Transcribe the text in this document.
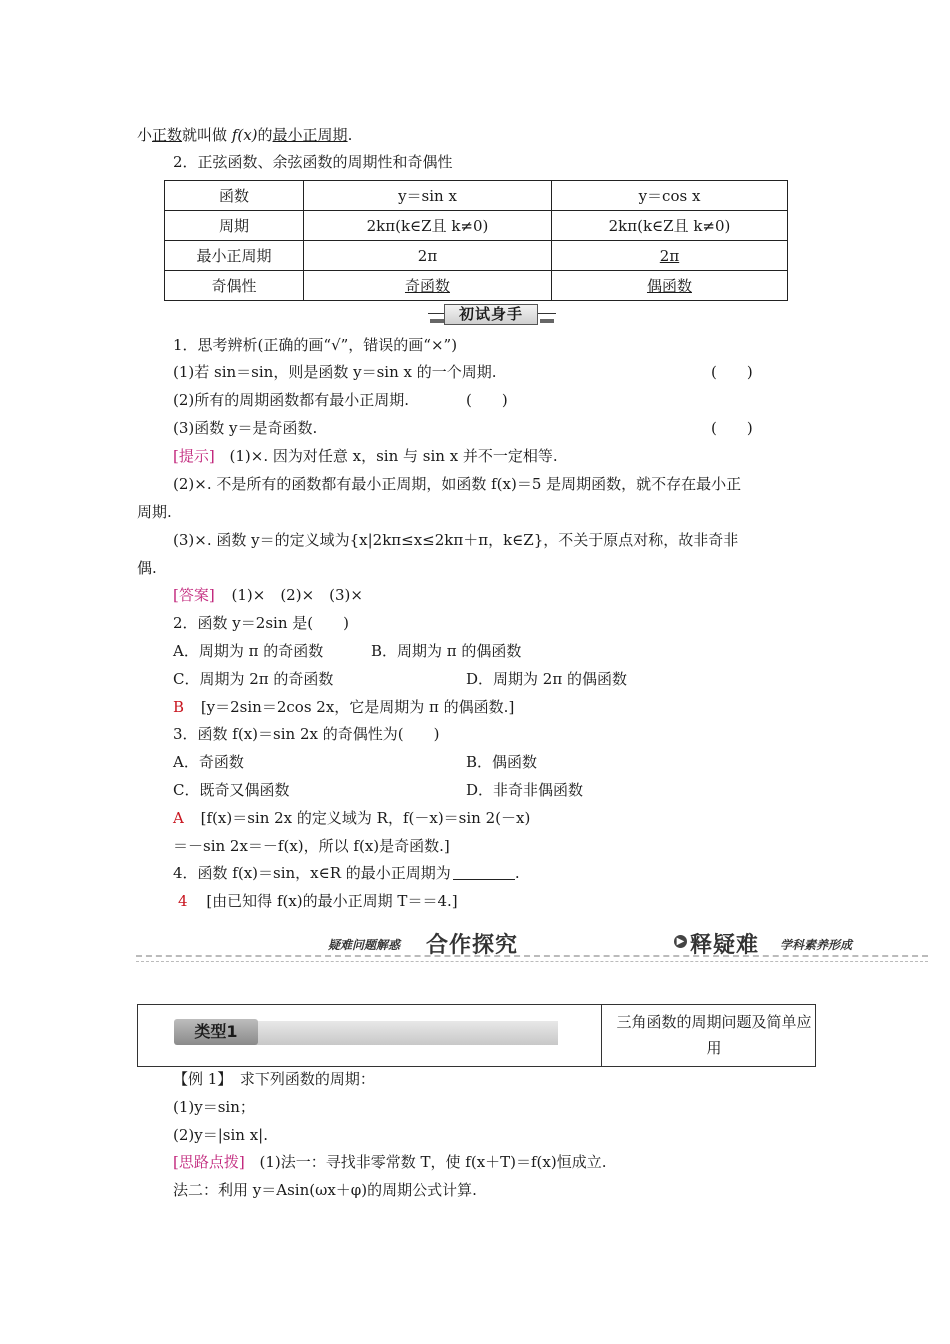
小正数就叫做 f(x)的最小正周期.
2．正弦函数、余弦函数的周期性和奇偶性
函数	y＝sin x	y＝cos x
周期	2kπ(k∈Z且 k≠0)	2kπ(k∈Z且 k≠0)
最小正周期	2π	2π
奇偶性	奇函数	偶函数
初试身手
1．思考辨析(正确的画“√”，错误的画“×”)
(1)若 sin＝sin，则是函数 y＝sin x 的一个周期.	(　　)
(2)所有的周期函数都有最小正周期.	(　　)
(3)函数 y＝是奇函数.	(　　)
[提示] (1)×. 因为对任意 x，sin 与 sin x 并不一定相等.
(2)×. 不是所有的函数都有最小正周期，如函数 f(x)＝5 是周期函数，就不存在最小正
周期.
(3)×. 函数 y＝的定义域为{x|2kπ≤x≤2kπ＋π，k∈Z}，不关于原点对称，故非奇非
偶.
[答案] (1)×　(2)×　(3)×
2．函数 y＝2sin 是(　　)
A．周期为 π 的奇函数	B．周期为 π 的偶函数
C．周期为 2π 的奇函数	D．周期为 2π 的偶函数
B [y＝2sin＝2cos 2x，它是周期为 π 的偶函数.]
3．函数 f(x)＝sin 2x 的奇偶性为(　　)
A．奇函数	B．偶函数
C．既奇又偶函数	D．非奇非偶函数
A [f(x)＝sin 2x 的定义域为 R，f(－x)＝sin 2(－x)
＝－sin 2x＝－f(x)，所以 f(x)是奇函数.]
4．函数 f(x)＝sin，x∈R 的最小正周期为	.
4 [由已知得 f(x)的最小正周期 T＝＝4.]
疑难问题解惑 合作探究	▶ 释疑难 学科素养形成
类型1	三角函数的周期问题及简单应用
【例 1】　求下列函数的周期：
(1)y＝sin；
(2)y＝|sin x|.
[思路点拨] (1)法一：寻找非零常数 T，使 f(x＋T)＝f(x)恒成立.
法二：利用 y＝Asin(ωx＋φ)的周期公式计算.
